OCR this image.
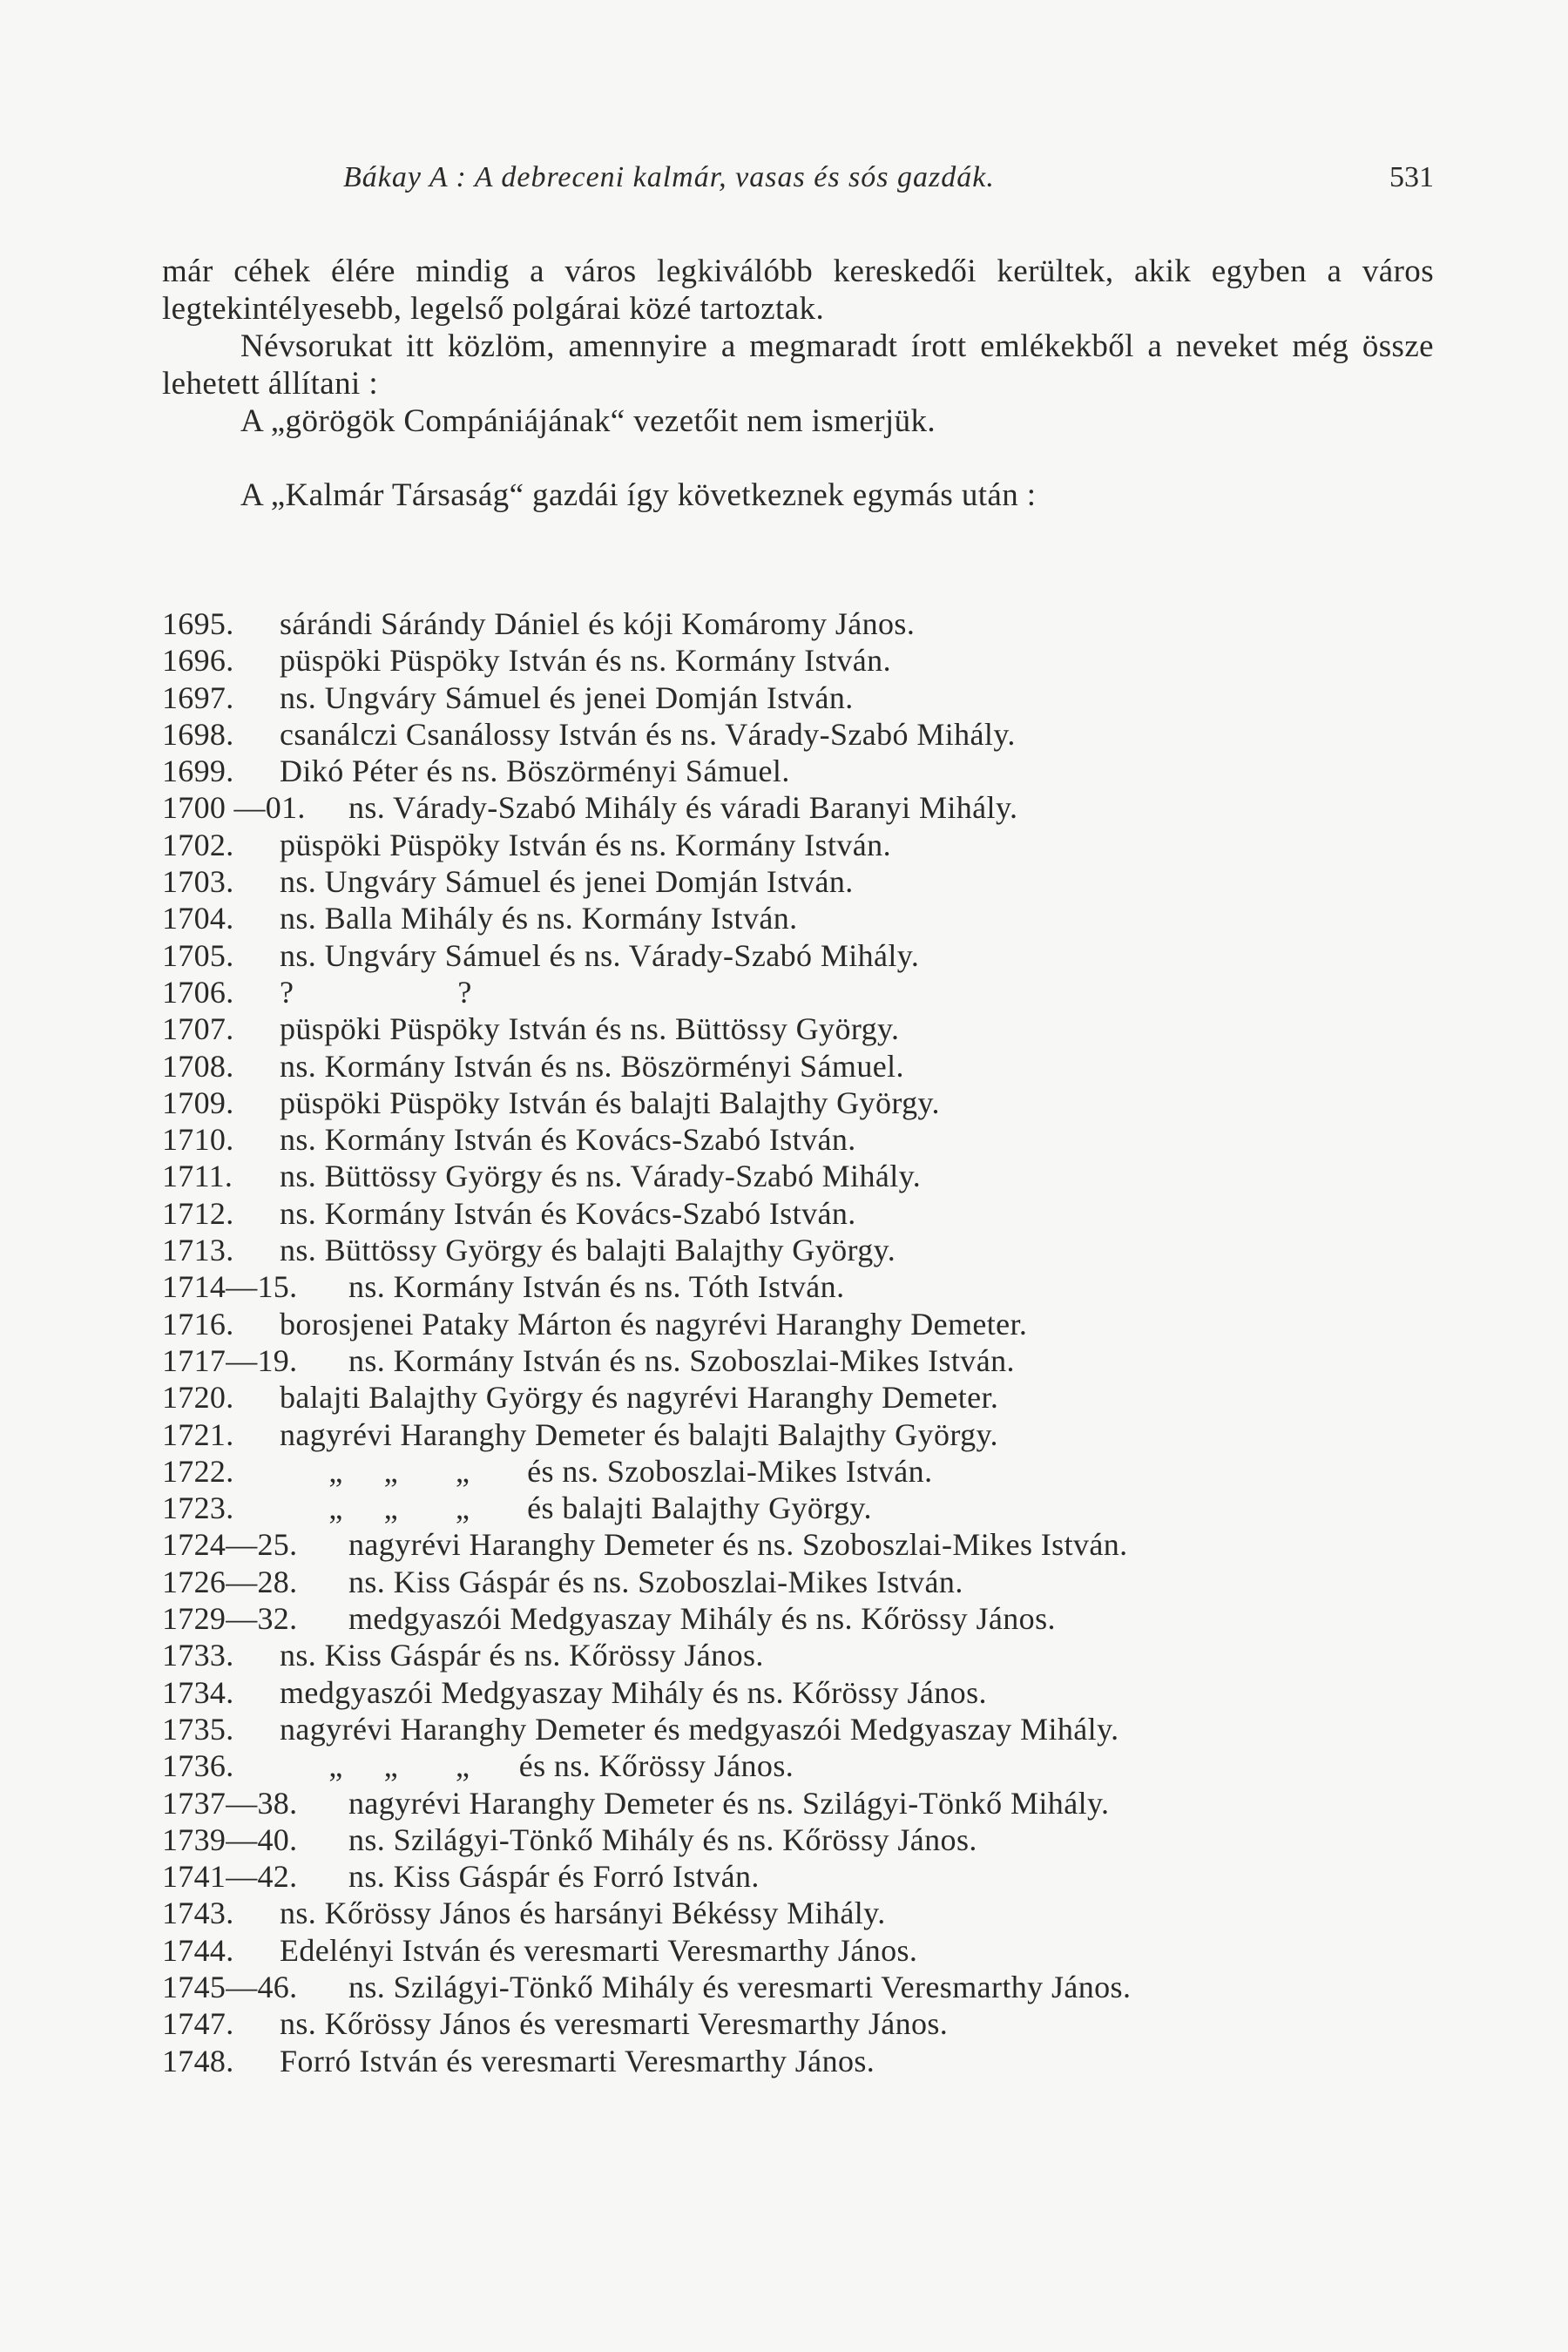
Bákay A : A debreceni kalmár, vasas és sós gazdák.	531

már céhek élére mindig a város legkiválóbb kereskedői kerültek, akik egyben a város legtekintélyesebb, legelső polgárai közé tartoztak.

Névsorukat itt közlöm, amennyire a megmaradt írott emlékekből a neveket még össze lehetett állítani :

A „görögök Compániájának“ vezetőit nem ismerjük.

A „Kalmár Társaság“ gazdái így következnek egymás után :

1695.	sárándi Sárándy Dániel és kóji Komáromy János.
1696.	püspöki Püspöky István és ns. Kormány István.
1697.	ns. Ungváry Sámuel és jenei Domján István.
1698.	csanálczi Csanálossy István és ns. Várady-Szabó Mihály.
1699.	Dikó Péter és ns. Böszörményi Sámuel.
1700 —01.	ns. Várady-Szabó Mihály és váradi Baranyi Mihály.
1702.	püspöki Püspöky István és ns. Kormány István.
1703.	ns. Ungváry Sámuel és jenei Domján István.
1704.	ns. Balla Mihály és ns. Kormány István.
1705.	ns. Ungváry Sámuel és ns. Várady-Szabó Mihály.
1706.	?                    ?
1707.	püspöki Püspöky István és ns. Büttössy György.
1708.	ns. Kormány István és ns. Böszörményi Sámuel.
1709.	püspöki Püspöky István és balajti Balajthy György.
1710.	ns. Kormány István és Kovács-Szabó István.
1711.	ns. Büttössy György és ns. Várady-Szabó Mihály.
1712.	ns. Kormány István és Kovács-Szabó István.
1713.	ns. Büttössy György és balajti Balajthy György.
1714—15.	ns. Kormány István és ns. Tóth István.
1716.	borosjenei Pataky Márton és nagyrévi Haranghy Demeter.
1717—19.	ns. Kormány István és ns. Szoboszlai-Mikes István.
1720.	balajti Balajthy György és nagyrévi Haranghy Demeter.
1721.	nagyrévi Haranghy Demeter és balajti Balajthy György.
1722.	„     „       „       és ns. Szoboszlai-Mikes István.
1723.	„     „       „       és balajti Balajthy György.
1724—25.	nagyrévi Haranghy Demeter és ns. Szoboszlai-Mikes István.
1726—28.	ns. Kiss Gáspár és ns. Szoboszlai-Mikes István.
1729—32.	medgyaszói Medgyaszay Mihály és ns. Kőrössy János.
1733.	ns. Kiss Gáspár és ns. Kőrössy János.
1734.	medgyaszói Medgyaszay Mihály és ns. Kőrössy János.
1735.	nagyrévi Haranghy Demeter és medgyaszói Medgyaszay Mihály.
1736.	„     „       „      és ns. Kőrössy János.
1737—38.	nagyrévi Haranghy Demeter és ns. Szilágyi-Tönkő Mihály.
1739—40.	ns. Szilágyi-Tönkő Mihály és ns. Kőrössy János.
1741—42.	ns. Kiss Gáspár és Forró István.
1743.	ns. Kőrössy János és harsányi Békéssy Mihály.
1744.	Edelényi István és veresmarti Veresmarthy János.
1745—46.	ns. Szilágyi-Tönkő Mihály és veresmarti Veresmarthy János.
1747.	ns. Kőrössy János és veresmarti Veresmarthy János.
1748.	Forró István és veresmarti Veresmarthy János.
